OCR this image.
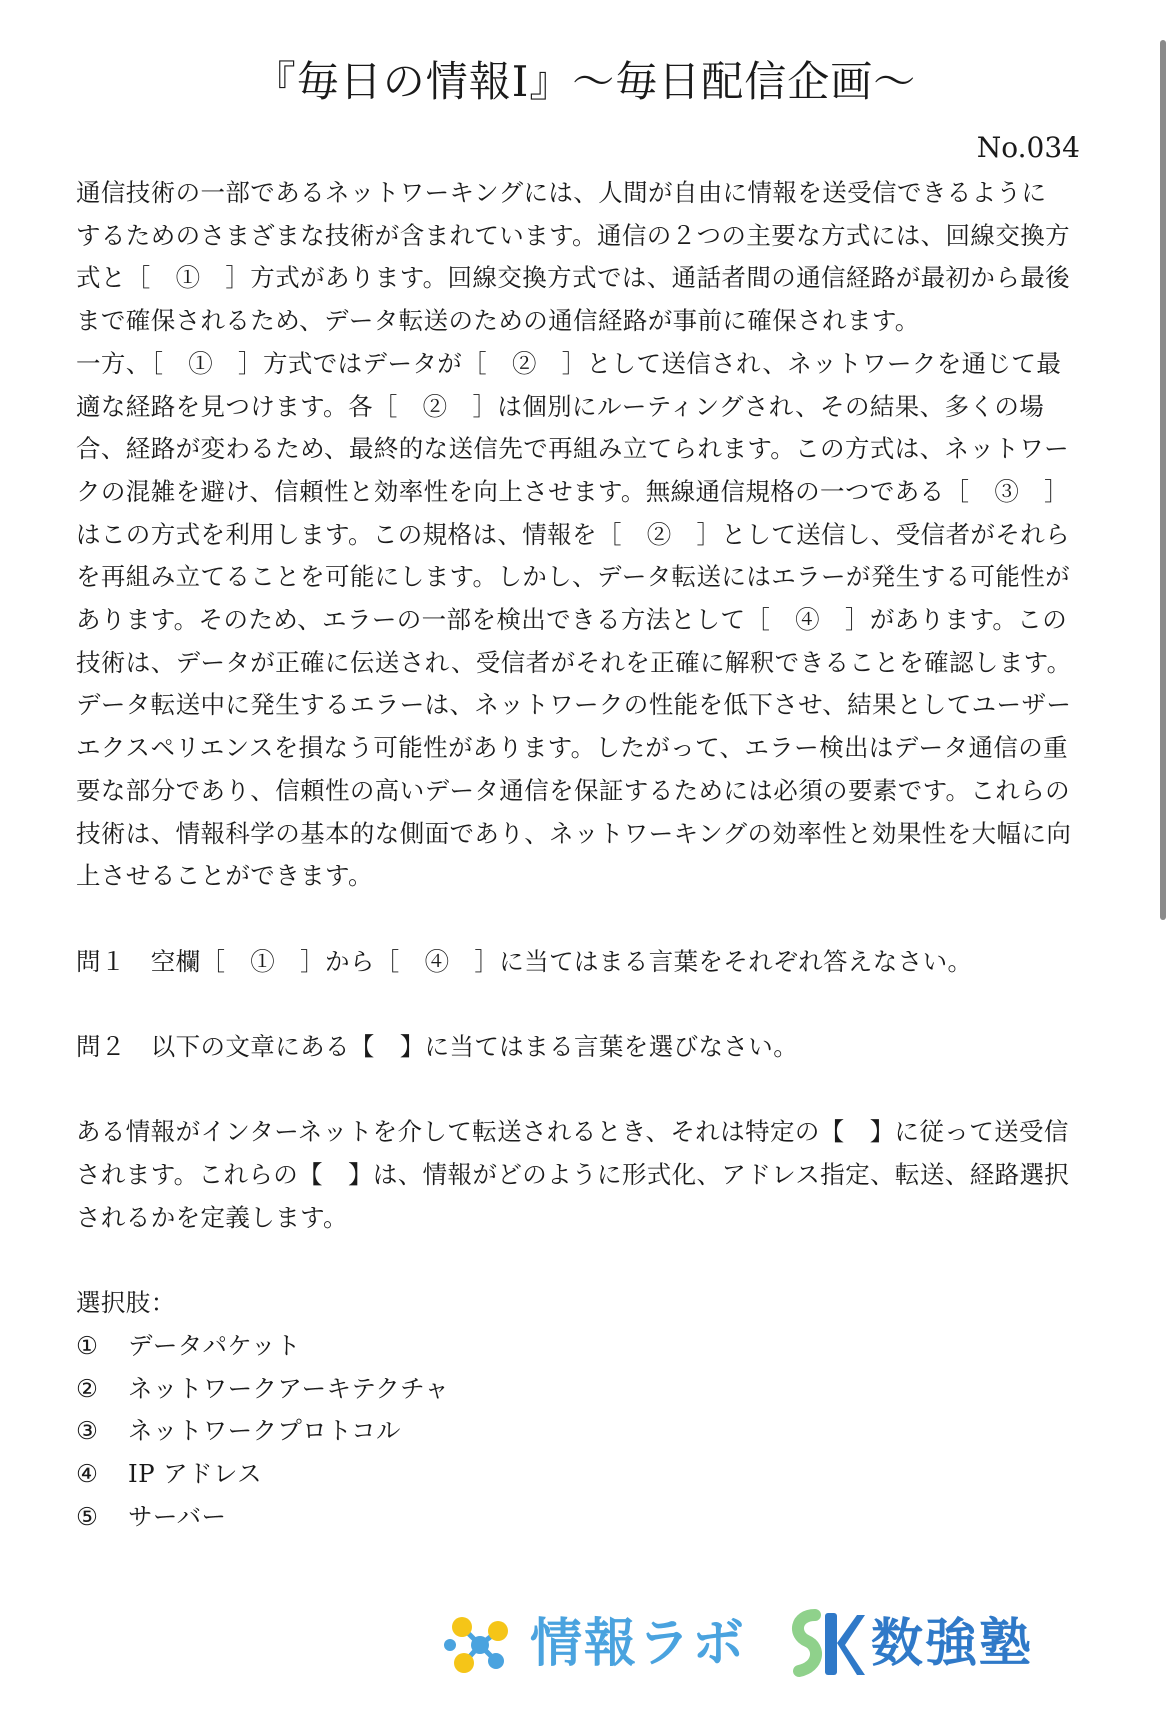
『毎日の情報Ⅰ』～毎日配信企画～
No.034
通信技術の一部であるネットワーキングには、人間が自由に情報を送受信できるように
するためのさまざまな技術が含まれています。通信の２つの主要な方式には、回線交換方
式と［　①　］方式があります。回線交換方式では、通話者間の通信経路が最初から最後
まで確保されるため、データ転送のための通信経路が事前に確保されます。
一方、［　①　］方式ではデータが［　②　］として送信され、ネットワークを通じて最
適な経路を見つけます。各［　②　］は個別にルーティングされ、その結果、多くの場
合、経路が変わるため、最終的な送信先で再組み立てられます。この方式は、ネットワー
クの混雑を避け、信頼性と効率性を向上させます。無線通信規格の一つである［　③　］
はこの方式を利用します。この規格は、情報を［　②　］として送信し、受信者がそれら
を再組み立てることを可能にします。しかし、データ転送にはエラーが発生する可能性が
あります。そのため、エラーの一部を検出できる方法として［　④　］があります。この
技術は、データが正確に伝送され、受信者がそれを正確に解釈できることを確認します。
データ転送中に発生するエラーは、ネットワークの性能を低下させ、結果としてユーザー
エクスペリエンスを損なう可能性があります。したがって、エラー検出はデータ通信の重
要な部分であり、信頼性の高いデータ通信を保証するためには必須の要素です。これらの
技術は、情報科学の基本的な側面であり、ネットワーキングの効率性と効果性を大幅に向
上させることができます。
問１　空欄［　①　］から［　④　］に当てはまる言葉をそれぞれ答えなさい。
問２　以下の文章にある【　】に当てはまる言葉を選びなさい。
ある情報がインターネットを介して転送されるとき、それは特定の【　】に従って送受信
されます。これらの【　】は、情報がどのように形式化、アドレス指定、転送、経路選択
されるかを定義します。
選択肢：
① データパケット
② ネットワークアーキテクチャ
③ ネットワークプロトコル
④ IP アドレス
⑤ サーバー
情報ラボ 数強塾
